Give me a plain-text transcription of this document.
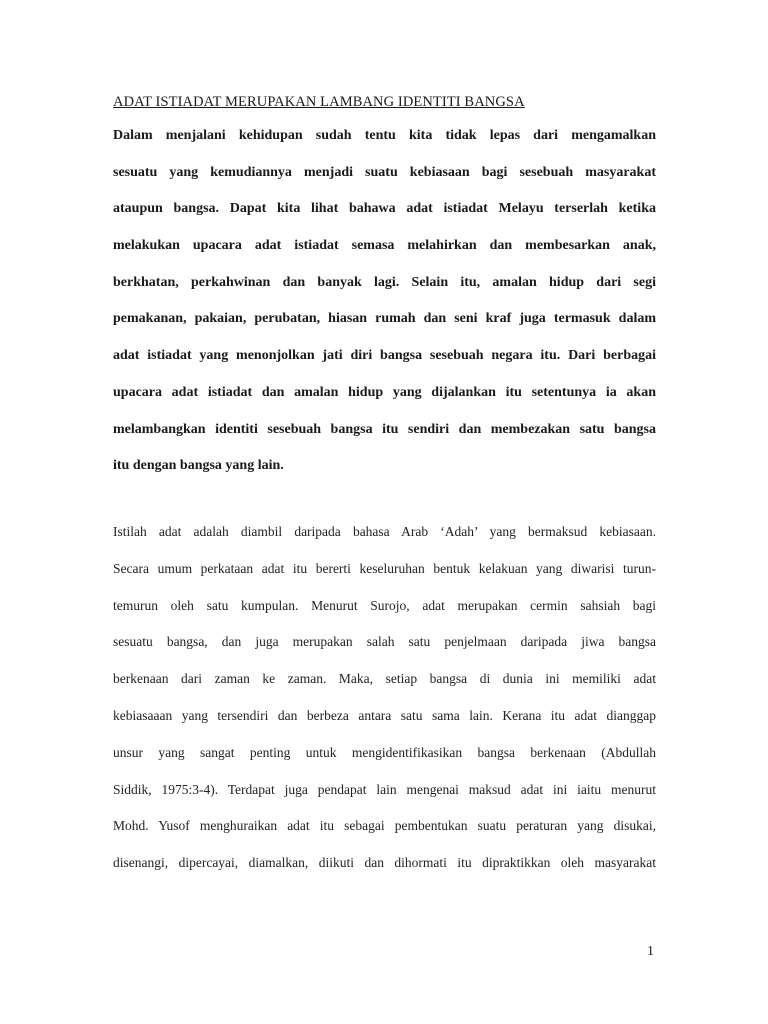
ADAT ISTIADAT MERUPAKAN LAMBANG IDENTITI BANGSA
Dalam menjalani kehidupan sudah tentu kita tidak lepas dari mengamalkan
sesuatu yang kemudiannya menjadi suatu kebiasaan bagi sesebuah masyarakat
ataupun bangsa. Dapat kita lihat bahawa adat istiadat Melayu terserlah ketika
melakukan upacara adat istiadat semasa melahirkan dan membesarkan anak,
berkhatan, perkahwinan dan banyak lagi. Selain itu, amalan hidup dari segi
pemakanan, pakaian, perubatan, hiasan rumah dan seni kraf juga termasuk dalam
adat istiadat yang menonjolkan jati diri bangsa sesebuah negara itu. Dari berbagai
upacara adat istiadat dan amalan hidup yang dijalankan itu setentunya ia akan
melambangkan identiti sesebuah bangsa itu sendiri dan membezakan satu bangsa
itu dengan bangsa yang lain.
Istilah adat adalah diambil daripada bahasa Arab ‘Adah’ yang bermaksud kebiasaan.
Secara umum perkataan adat itu bererti keseluruhan bentuk kelakuan yang diwarisi turun-
temurun oleh satu kumpulan. Menurut Surojo, adat merupakan cermin sahsiah bagi
sesuatu bangsa, dan juga merupakan salah satu penjelmaan daripada jiwa bangsa
berkenaan dari zaman ke zaman. Maka, setiap bangsa di dunia ini memiliki adat
kebiasaaan yang tersendiri dan berbeza antara satu sama lain. Kerana itu adat dianggap
unsur yang sangat penting untuk mengidentifikasikan bangsa berkenaan (Abdullah
Siddik, 1975:3-4). Terdapat juga pendapat lain mengenai maksud adat ini iaitu menurut
Mohd. Yusof menghuraikan adat itu sebagai pembentukan suatu peraturan yang disukai,
disenangi, dipercayai, diamalkan, diikuti dan dihormati itu dipraktikkan oleh masyarakat
1
